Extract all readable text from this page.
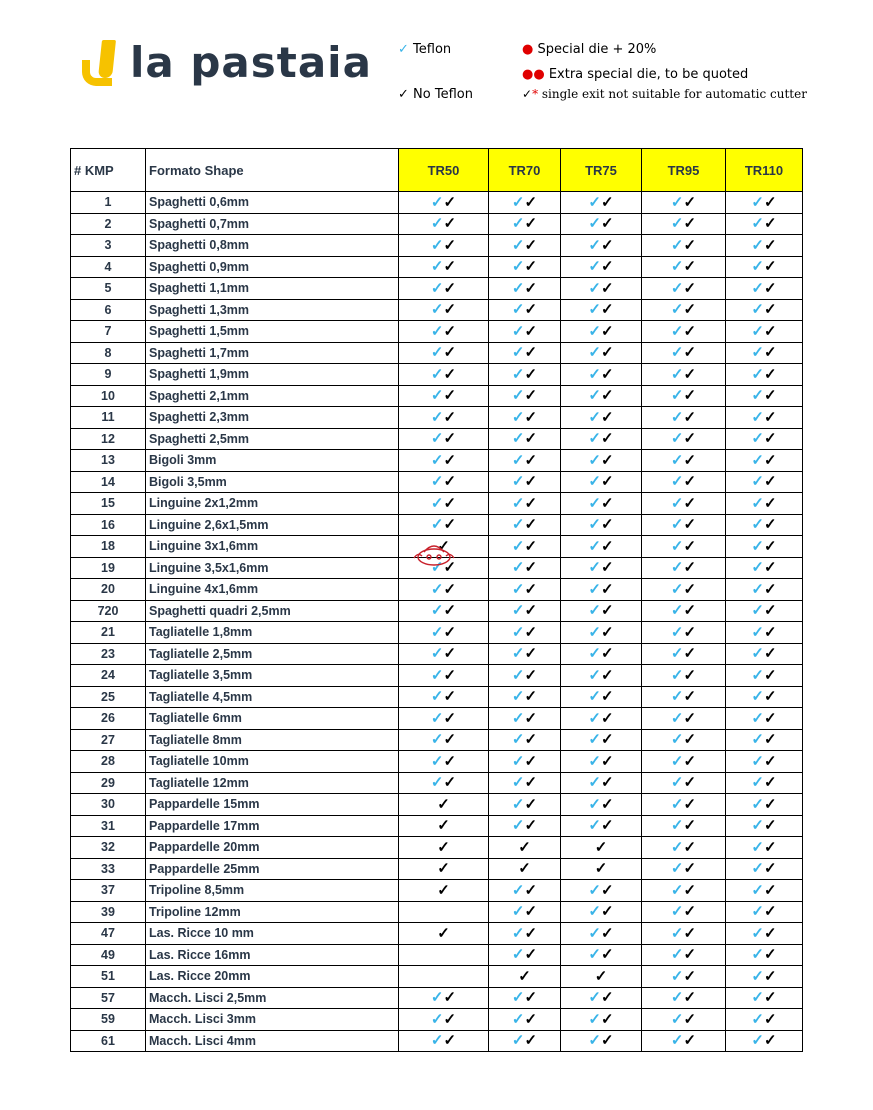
la pastaia ✓ Teflon
✓ No Teflon
● Special die + 20%
●● Extra special die, to be quoted
✓* single exit not suitable for automatic cutter
# KMP	Formato Shape	TR50	TR70	TR75	TR95	TR110
1	Spaghetti 0,6mm	✓✓	✓✓	✓✓	✓✓	✓✓
2	Spaghetti 0,7mm	✓✓	✓✓	✓✓	✓✓	✓✓
3	Spaghetti 0,8mm	✓✓	✓✓	✓✓	✓✓	✓✓
4	Spaghetti 0,9mm	✓✓	✓✓	✓✓	✓✓	✓✓
5	Spaghetti 1,1mm	✓✓	✓✓	✓✓	✓✓	✓✓
6	Spaghetti 1,3mm	✓✓	✓✓	✓✓	✓✓	✓✓
7	Spaghetti 1,5mm	✓✓	✓✓	✓✓	✓✓	✓✓
8	Spaghetti 1,7mm	✓✓	✓✓	✓✓	✓✓	✓✓
9	Spaghetti 1,9mm	✓✓	✓✓	✓✓	✓✓	✓✓
10	Spaghetti 2,1mm	✓✓	✓✓	✓✓	✓✓	✓✓
11	Spaghetti 2,3mm	✓✓	✓✓	✓✓	✓✓	✓✓
12	Spaghetti 2,5mm	✓✓	✓✓	✓✓	✓✓	✓✓
13	Bigoli 3mm	✓✓	✓✓	✓✓	✓✓	✓✓
14	Bigoli 3,5mm	✓✓	✓✓	✓✓	✓✓	✓✓
15	Linguine 2x1,2mm	✓✓	✓✓	✓✓	✓✓	✓✓
16	Linguine 2,6x1,5mm	✓✓	✓✓	✓✓	✓✓	✓✓
18	Linguine 3x1,6mm	✓	✓✓	✓✓	✓✓	✓✓
19	Linguine 3,5x1,6mm	✓✓	✓✓	✓✓	✓✓	✓✓
20	Linguine 4x1,6mm	✓✓	✓✓	✓✓	✓✓	✓✓
720	Spaghetti quadri 2,5mm	✓✓	✓✓	✓✓	✓✓	✓✓
21	Tagliatelle 1,8mm	✓✓	✓✓	✓✓	✓✓	✓✓
23	Tagliatelle 2,5mm	✓✓	✓✓	✓✓	✓✓	✓✓
24	Tagliatelle 3,5mm	✓✓	✓✓	✓✓	✓✓	✓✓
25	Tagliatelle 4,5mm	✓✓	✓✓	✓✓	✓✓	✓✓
26	Tagliatelle 6mm	✓✓	✓✓	✓✓	✓✓	✓✓
27	Tagliatelle 8mm	✓✓	✓✓	✓✓	✓✓	✓✓
28	Tagliatelle 10mm	✓✓	✓✓	✓✓	✓✓	✓✓
29	Tagliatelle 12mm	✓✓	✓✓	✓✓	✓✓	✓✓
30	Pappardelle 15mm	✓	✓✓	✓✓	✓✓	✓✓
31	Pappardelle 17mm	✓	✓✓	✓✓	✓✓	✓✓
32	Pappardelle 20mm	✓	✓	✓	✓✓	✓✓
33	Pappardelle 25mm	✓	✓	✓	✓✓	✓✓
37	Tripoline 8,5mm	✓	✓✓	✓✓	✓✓	✓✓
39	Tripoline 12mm		✓✓	✓✓	✓✓	✓✓
47	Las. Ricce 10 mm	✓	✓✓	✓✓	✓✓	✓✓
49	Las. Ricce 16mm		✓✓	✓✓	✓✓	✓✓
51	Las. Ricce 20mm		✓	✓	✓✓	✓✓
57	Macch. Lisci 2,5mm	✓✓	✓✓	✓✓	✓✓	✓✓
59	Macch. Lisci 3mm	✓✓	✓✓	✓✓	✓✓	✓✓
61	Macch. Lisci 4mm	✓✓	✓✓	✓✓	✓✓	✓✓
